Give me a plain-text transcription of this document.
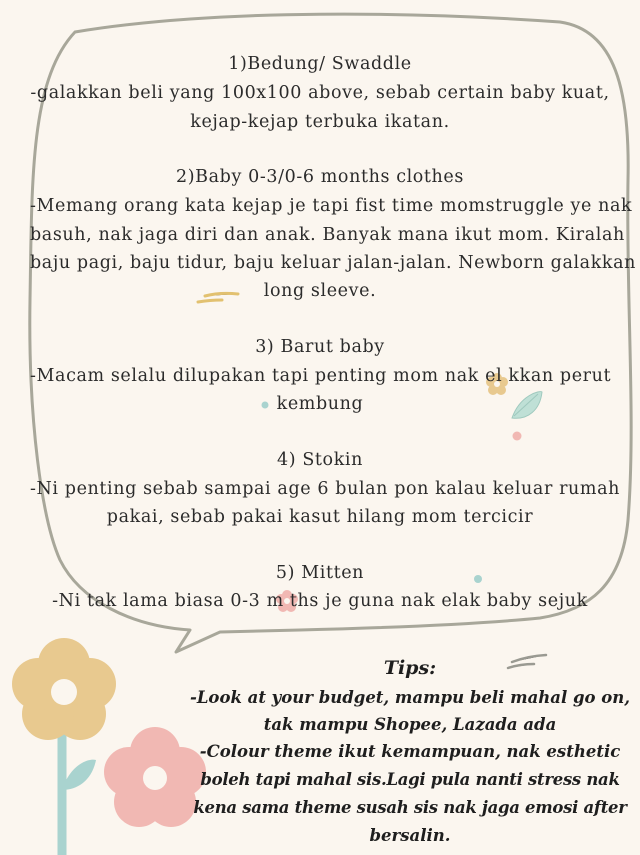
1)Bedung/ Swaddle
-galakkan beli yang 100x100 above, sebab certain baby kuat,
kejap-kejap terbuka ikatan.
2)Baby 0-3/0-6 months clothes
-Memang orang kata kejap je tapi fist time momstruggle ye nak
basuh, nak jaga diri dan anak. Banyak mana ikut mom. Kiralah
baju pagi, baju tidur, baju keluar jalan-jalan. Newborn galakkan
long sleeve.
3) Barut baby
-Macam selalu dilupakan tapi penting mom nak el kkan perut
kembung
4) Stokin
-Ni penting sebab sampai age 6 bulan pon kalau keluar rumah
pakai, sebab pakai kasut hilang mom tercicir
5) Mitten
-Ni tak lama biasa 0-3 m ths je guna nak elak baby sejuk
Tips:
-Look at your budget, mampu beli mahal go on,
tak mampu Shopee, Lazada ada
-Colour theme ikut kemampuan, nak esthetic
boleh tapi mahal sis.Lagi pula nanti stress nak
kena sama theme susah sis nak jaga emosi after
bersalin.
